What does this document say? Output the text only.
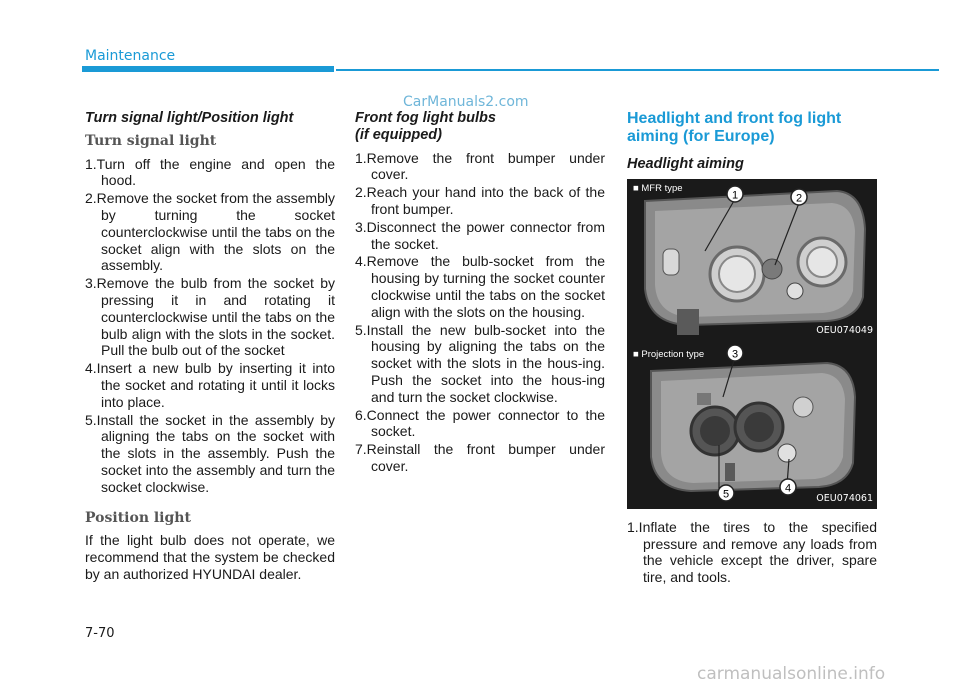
Maintenance
CarManuals2.com
Turn signal light/Position light
Turn signal light
1.Turn off the engine and open the hood.
2.Remove the socket from the assembly by turning the socket counterclockwise until the tabs on the socket align with the slots on the assembly.
3.Remove the bulb from the socket by pressing it in and rotating it counterclockwise until the tabs on the bulb align with the slots in the socket. Pull the bulb out of the socket
4.Insert a new bulb by inserting it into the socket and rotating it until it locks into place.
5.Install the socket in the assembly by aligning the tabs on the socket with the slots in the assembly. Push the socket into the assembly and turn the socket clockwise.
Position light

If the light bulb does not operate, we recommend that the system be checked by an authorized HYUNDAI dealer.

Front fog light bulbs
(if equipped)
1.Remove the front bumper under cover.
2.Reach your hand into the back of the front bumper.
3.Disconnect the power connector from the socket.
4.Remove the bulb-socket from the housing by turning the socket counter clockwise until the tabs on the socket align with the slots on the housing.
5.Install the new bulb-socket into the housing by aligning the tabs on the socket with the slots in the hous-ing. Push the socket into the hous-ing and turn the socket clockwise.
6.Connect the power connector to the socket.
7.Reinstall the front bumper under cover.
Headlight and front fog light
aiming (for Europe)
Headlight aiming
1	2
■ MFR type
OEU074049
3
4
5
■ Projection type
OEU074061
1.Inflate the tires to the specified pressure and remove any loads from the vehicle except the driver, spare tire, and tools.
7-70
carmanualsonline.info
